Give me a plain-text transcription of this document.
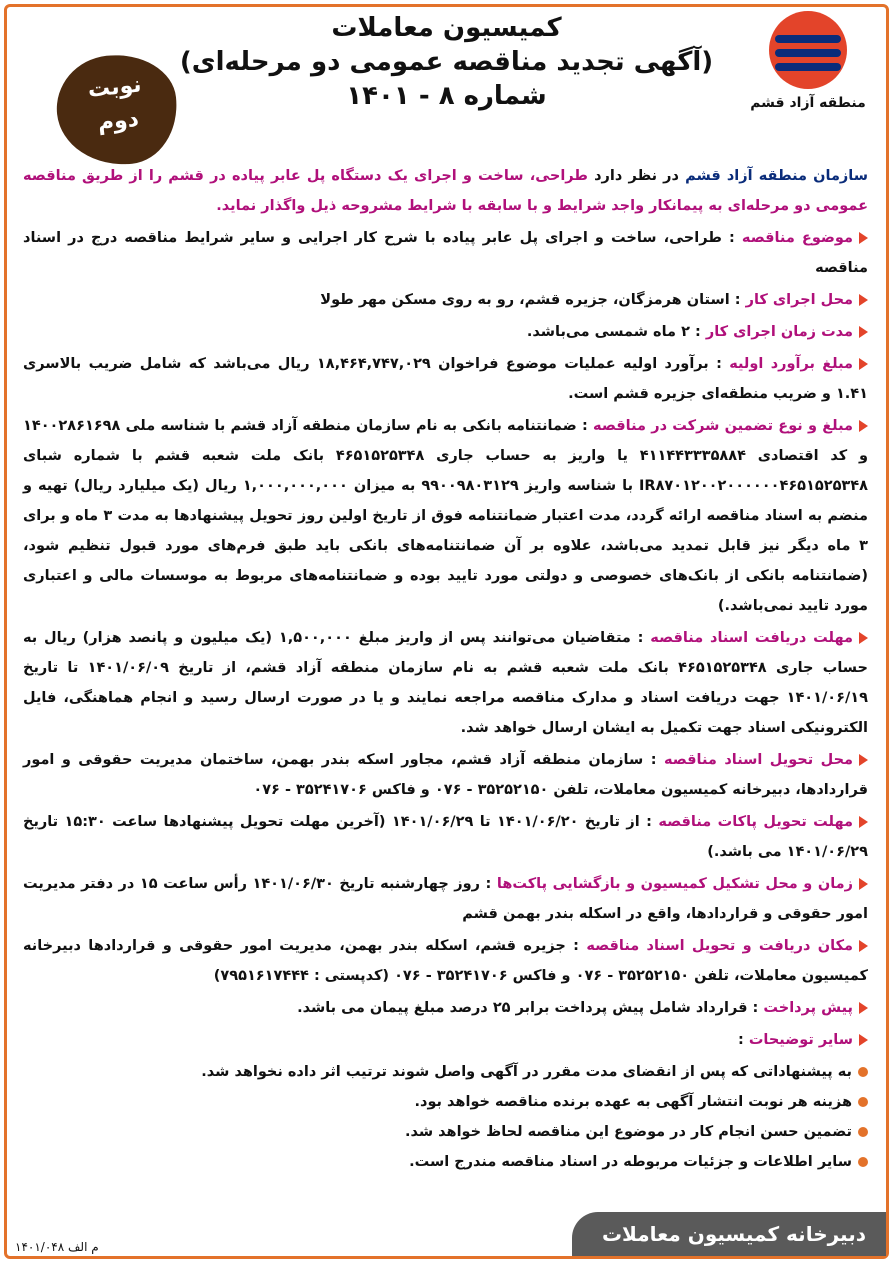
منطقه آزاد قشم

کمیسیون معاملات

(آگهی تجدید مناقصه عمومی دو مرحله‌ای)

شماره ۸ - ۱۴۰۱

نوبت
دوم

سازمان منطقه آزاد قشم در نظر دارد طراحی، ساخت و اجرای یک دستگاه پل عابر پیاده در قشم را از طریق مناقصه عمومی دو مرحله‌ای به پیمانکار واجد شرایط و با سابقه با شرایط مشروحه ذیل واگذار نماید.

موضوع مناقصه : طراحی، ساخت و اجرای پل عابر پیاده با شرح کار اجرایی و سایر شرایط مناقصه درج در اسناد مناقصه

محل اجرای کار : استان هرمزگان، جزیره قشم، رو به روی مسکن مهر طولا

مدت زمان اجرای کار : ۲ ماه شمسی می‌باشد.

مبلغ برآورد اولیه : برآورد اولیه عملیات موضوع فراخوان ۱۸,۴۶۴,۷۴۷,۰۲۹ ریال می‌باشد که شامل ضریب بالاسری ۱.۴۱ و ضریب منطقه‌ای جزیره قشم است.

مبلغ و نوع تضمین شرکت در مناقصه : ضمانتنامه بانکی به نام سازمان منطقه آزاد قشم با شناسه ملی ۱۴۰۰۲۸۶۱۶۹۸ و کد اقتصادی ۴۱۱۴۴۳۳۳۵۸۸۴ یا واریز به حساب جاری ۴۶۵۱۵۲۵۳۴۸ بانک ملت شعبه قشم با شماره شبای IR۸۷۰۱۲۰۰۲۰۰۰۰۰۰۴۶۵۱۵۲۵۳۴۸ با شناسه واریز ۹۹۰۰۹۸۰۳۱۲۹ به میزان ۱,۰۰۰,۰۰۰,۰۰۰ ریال (یک میلیارد ریال) تهیه و منضم به اسناد مناقصه ارائه گردد، مدت اعتبار ضمانتنامه فوق از تاریخ اولین روز تحویل پیشنهادها به مدت ۳ ماه و برای ۳ ماه دیگر نیز قابل تمدید می‌باشد، علاوه بر آن ضمانتنامه‌های بانکی باید طبق فرم‌های مورد قبول تنظیم شود، (ضمانتنامه بانکی از بانک‌های خصوصی و دولتی مورد تایید بوده و ضمانتنامه‌های مربوط به موسسات مالی و اعتباری مورد تایید نمی‌باشد.)

مهلت دریافت اسناد مناقصه : متقاضیان می‌توانند پس از واریز مبلغ ۱,۵۰۰,۰۰۰ (یک میلیون و پانصد هزار) ریال به حساب جاری ۴۶۵۱۵۲۵۳۴۸ بانک ملت شعبه قشم به نام سازمان منطقه آزاد قشم، از تاریخ ۱۴۰۱/۰۶/۰۹ تا تاریخ ۱۴۰۱/۰۶/۱۹ جهت دریافت اسناد و مدارک مناقصه مراجعه نمایند و یا در صورت ارسال رسید و انجام هماهنگی، فایل الکترونیکی اسناد جهت تکمیل به ایشان ارسال خواهد شد.

محل تحویل اسناد مناقصه : سازمان منطقه آزاد قشم، مجاور اسکه بندر بهمن، ساختمان مدیریت حقوقی و امور قراردادها، دبیرخانه کمیسیون معاملات، تلفن ۳۵۲۵۲۱۵۰ - ۰۷۶ و فاکس ۳۵۲۴۱۷۰۶ - ۰۷۶

مهلت تحویل پاکات مناقصه : از تاریخ ۱۴۰۱/۰۶/۲۰ تا ۱۴۰۱/۰۶/۲۹ (آخرین مهلت تحویل پیشنهادها ساعت ۱۵:۳۰ تاریخ ۱۴۰۱/۰۶/۲۹ می باشد.)

زمان و محل تشکیل کمیسیون و بازگشایی پاکت‌ها : روز چهارشنبه تاریخ ۱۴۰۱/۰۶/۳۰ رأس ساعت ۱۵ در دفتر مدیریت امور حقوقی و قراردادها، واقع در اسکله بندر بهمن قشم

مکان دریافت و تحویل اسناد مناقصه : جزیره قشم، اسکله بندر بهمن، مدیریت امور حقوقی و قراردادها دبیرخانه کمیسیون معاملات، تلفن ۳۵۲۵۲۱۵۰ - ۰۷۶ و فاکس ۳۵۲۴۱۷۰۶ - ۰۷۶ (کدپستی : ۷۹۵۱۶۱۷۴۴۴)

پیش پرداخت : قرارداد شامل پیش پرداخت برابر ۲۵ درصد مبلغ پیمان می باشد.

سایر توضیحات :

به پیشنهاداتی که پس از انقضای مدت مقرر در آگهی واصل شوند ترتیب اثر داده نخواهد شد.
هزینه هر نوبت انتشار آگهی به عهده برنده مناقصه خواهد بود.
تضمین حسن انجام کار در موضوع این مناقصه لحاظ خواهد شد.
سایر اطلاعات و جزئیات مربوطه در اسناد مناقصه مندرج است.
دبیرخانه کمیسیون معاملات
م الف ۱۴۰۱/۰۴۸
